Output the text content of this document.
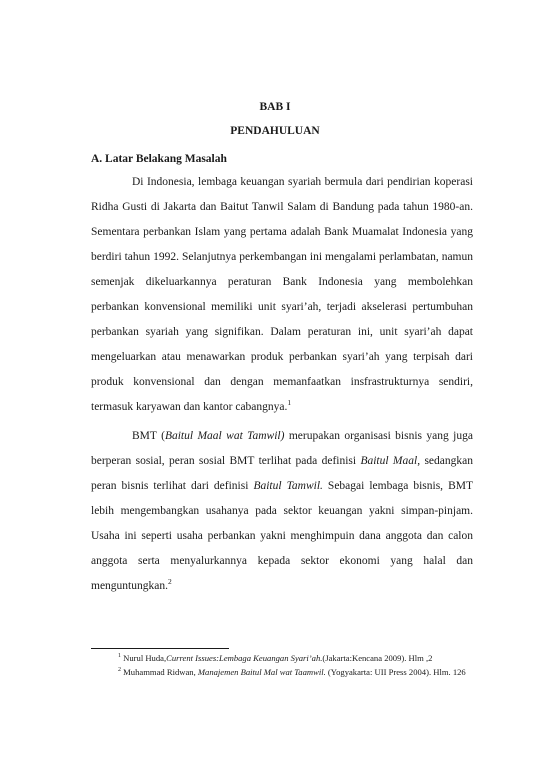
BAB I
PENDAHULUAN
A. Latar Belakang Masalah
Di Indonesia, lembaga keuangan syariah bermula dari pendirian koperasi Ridha Gusti di Jakarta dan Baitut Tanwil Salam di Bandung pada tahun 1980-an. Sementara perbankan Islam yang pertama adalah Bank Muamalat Indonesia yang berdiri tahun 1992. Selanjutnya perkembangan ini mengalami perlambatan, namun semenjak dikeluarkannya peraturan Bank Indonesia yang membolehkan perbankan konvensional memiliki unit syari’ah, terjadi akselerasi pertumbuhan perbankan syariah yang signifikan. Dalam peraturan ini, unit syari’ah dapat mengeluarkan atau menawarkan produk perbankan syari’ah yang terpisah dari produk konvensional dan dengan memanfaatkan insfrastrukturnya sendiri, termasuk karyawan dan kantor cabangnya.$^1$
BMT (Baitul Maal wat Tamwil) merupakan organisasi bisnis yang juga berperan sosial, peran sosial BMT terlihat pada definisi Baitul Maal, sedangkan peran bisnis terlihat dari definisi Baitul Tamwil. Sebagai lembaga bisnis, BMT lebih mengembangkan usahanya pada sektor keuangan yakni simpan-pinjam. Usaha ini seperti usaha perbankan yakni menghimpuin dana anggota dan calon anggota serta menyalurkannya kepada sektor ekonomi yang halal dan menguntungkan.$^2$
$^1$ Nurul Huda,Current Issues:Lembaga Keuangan Syari’ah.(Jakarta:Kencana 2009). Hlm ,2
$^2$ Muhammad Ridwan, Manajemen Baitul Mal wat Taamwil. (Yogyakarta: UII Press 2004). Hlm. 126
